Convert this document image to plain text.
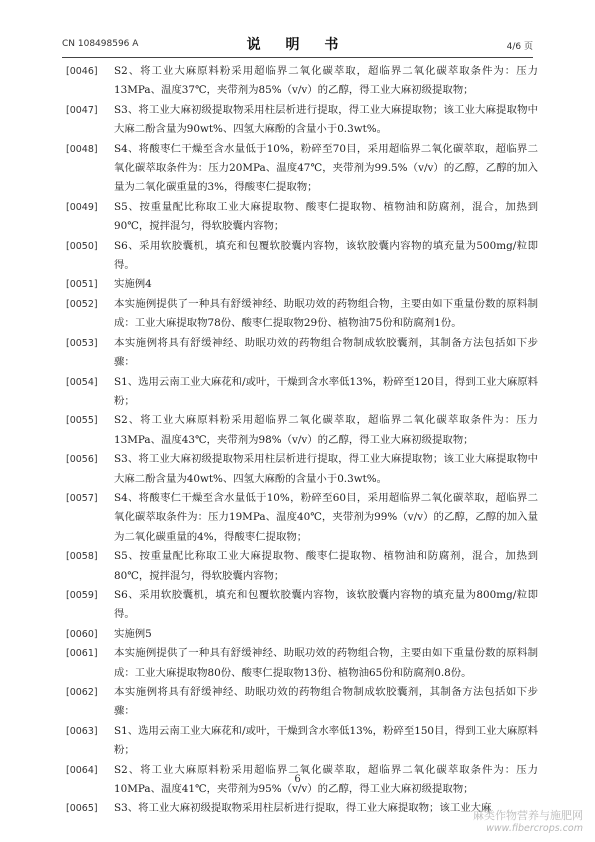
CN 108498596 A	说 明 书	4/6 页
[0046] S2、将工业大麻原料粉采用超临界二氧化碳萃取，超临界二氧化碳萃取条件为：压力13MPa、温度37℃，夹带剂为85%（v/v）的乙醇，得工业大麻初级提取物；
[0047] S3、将工业大麻初级提取物采用柱层析进行提取，得工业大麻提取物；该工业大麻提取物中大麻二酚含量为90wt%、四氢大麻酚的含量小于0.3wt%。
[0048] S4、将酸枣仁干燥至含水量低于10%，粉碎至70目，采用超临界二氧化碳萃取，超临界二氧化碳萃取条件为：压力20MPa、温度47℃，夹带剂为99.5%（v/v）的乙醇，乙醇的加入量为二氧化碳重量的3%，得酸枣仁提取物；
[0049] S5、按重量配比称取工业大麻提取物、酸枣仁提取物、植物油和防腐剂，混合，加热到90℃，搅拌混匀，得软胶囊内容物；
[0050] S6、采用软胶囊机，填充和包覆软胶囊内容物，该软胶囊内容物的填充量为500mg/粒即得。
[0051] 实施例4
[0052] 本实施例提供了一种具有舒缓神经、助眠功效的药物组合物，主要由如下重量份数的原料制成：工业大麻提取物78份、酸枣仁提取物29份、植物油75份和防腐剂1份。
[0053] 本实施例将具有舒缓神经、助眠功效的药物组合物制成软胶囊剂，其制备方法包括如下步骤：
[0054] S1、选用云南工业大麻花和/或叶，干燥到含水率低13%，粉碎至120目，得到工业大麻原料粉；
[0055] S2、将工业大麻原料粉采用超临界二氧化碳萃取，超临界二氧化碳萃取条件为：压力13MPa、温度43℃，夹带剂为98%（v/v）的乙醇，得工业大麻初级提取物；
[0056] S3、将工业大麻初级提取物采用柱层析进行提取，得工业大麻提取物；该工业大麻提取物中大麻二酚含量为40wt%、四氢大麻酚的含量小于0.3wt%。
[0057] S4、将酸枣仁干燥至含水量低于10%，粉碎至60目，采用超临界二氧化碳萃取，超临界二氧化碳萃取条件为：压力19MPa、温度40℃，夹带剂为99%（v/v）的乙醇，乙醇的加入量为二氧化碳重量的4%，得酸枣仁提取物；
[0058] S5、按重量配比称取工业大麻提取物、酸枣仁提取物、植物油和防腐剂，混合，加热到80℃，搅拌混匀，得软胶囊内容物；
[0059] S6、采用软胶囊机，填充和包覆软胶囊内容物，该软胶囊内容物的填充量为800mg/粒即得。
[0060] 实施例5
[0061] 本实施例提供了一种具有舒缓神经、助眠功效的药物组合物，主要由如下重量份数的原料制成：工业大麻提取物80份、酸枣仁提取物13份、植物油65份和防腐剂0.8份。
[0062] 本实施例将具有舒缓神经、助眠功效的药物组合物制成软胶囊剂，其制备方法包括如下步骤：
[0063] S1、选用云南工业大麻花和/或叶，干燥到含水率低13%，粉碎至150目，得到工业大麻原料粉；
[0064] S2、将工业大麻原料粉采用超临界二氧化碳萃取，超临界二氧化碳萃取条件为：压力10MPa、温度41℃，夹带剂为95%（v/v）的乙醇，得工业大麻初级提取物；
[0065] S3、将工业大麻初级提取物采用柱层析进行提取，得工业大麻提取物；该工业大麻
6
麻类作物营养与施肥网
www.fibercrops.com
